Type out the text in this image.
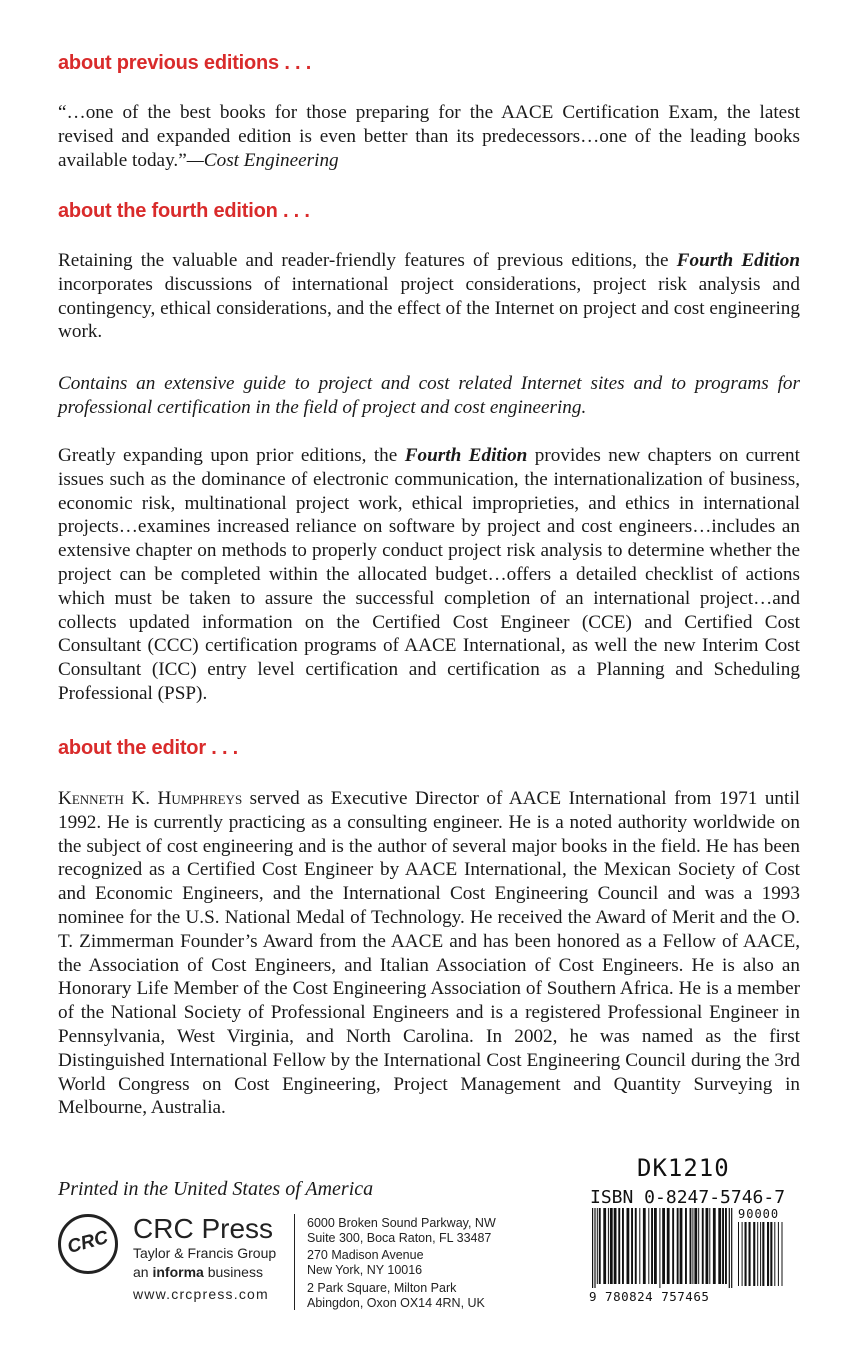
about previous editions . . .
“…one of the best books for those preparing for the AACE Certification Exam, the latest revised and expanded edition is even better than its predecessors…one of the leading books available today.”—Cost Engineering
about the fourth edition . . .
Retaining the valuable and reader-friendly features of previous editions, the Fourth Edition incorporates discussions of international project considerations, project risk analysis and contingency, ethical considerations, and the effect of the Internet on project and cost engineering work.
Contains an extensive guide to project and cost related Internet sites and to programs for professional certification in the field of project and cost engineering.
Greatly expanding upon prior editions, the Fourth Edition provides new chapters on current issues such as the dominance of electronic communication, the internationalization of business, economic risk, multinational project work, ethical improprieties, and ethics in international projects…examines increased reliance on software by project and cost engineers…includes an extensive chapter on methods to properly conduct project risk analysis to determine whether the project can be completed within the allocated budget…offers a detailed checklist of actions which must be taken to assure the successful completion of an international project…and collects updated information on the Certified Cost Engineer (CCE) and Certified Cost Consultant (CCC) certification programs of AACE International, as well the new Interim Cost Consultant (ICC) entry level certification and certification as a Planning and Scheduling Professional (PSP).
about the editor . . .
Kenneth K. Humphreys served as Executive Director of AACE International from 1971 until 1992. He is currently practicing as a consulting engineer. He is a noted authority worldwide on the subject of cost engineering and is the author of several major books in the field. He has been recognized as a Certified Cost Engineer by AACE International, the Mexican Society of Cost and Economic Engineers, and the International Cost Engineering Council and was a 1993 nominee for the U.S. National Medal of Technology. He received the Award of Merit and the O. T. Zimmerman Founder’s Award from the AACE and has been honored as a Fellow of AACE, the Association of Cost Engineers, and Italian Association of Cost Engineers. He is also an Honorary Life Member of the Cost Engineering Association of Southern Africa. He is a member of the National Society of Professional Engineers and is a registered Professional Engineer in Pennsylvania, West Virginia, and North Carolina. In 2002, he was named as the first Distinguished International Fellow by the International Cost Engineering Council during the 3rd World Congress on Cost Engineering, Project Management and Quantity Surveying in Melbourne, Australia.
Printed in the United States of America
CRC CRC Press
Taylor & Francis Group
an informa business
www.crcpress.com
6000 Broken Sound Parkway, NW
Suite 300, Boca Raton, FL 33487
270 Madison Avenue
New York, NY 10016
2 Park Square, Milton Park
Abingdon, Oxon OX14 4RN, UK
DK1210
ISBN 0-8247-5746-7
90000
9 780824 757465
